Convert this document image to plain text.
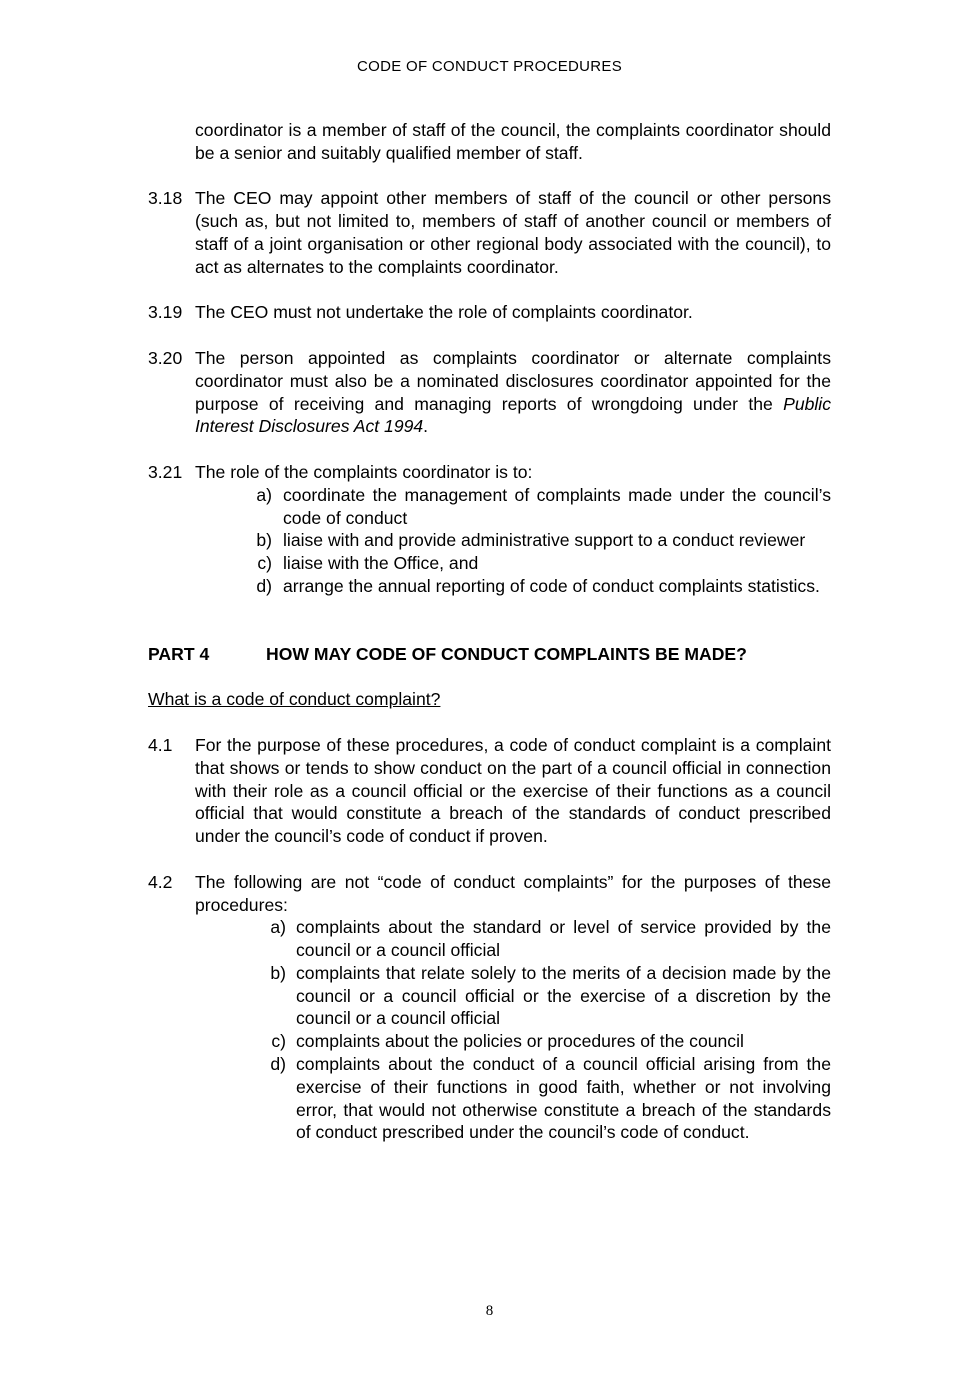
CODE OF CONDUCT PROCEDURES
coordinator is a member of staff of the council, the complaints coordinator should be a senior and suitably qualified member of staff.
3.18 The CEO may appoint other members of staff of the council or other persons (such as, but not limited to, members of staff of another council or members of staff of a joint organisation or other regional body associated with the council), to act as alternates to the complaints coordinator.
3.19 The CEO must not undertake the role of complaints coordinator.
3.20 The person appointed as complaints coordinator or alternate complaints coordinator must also be a nominated disclosures coordinator appointed for the purpose of receiving and managing reports of wrongdoing under the Public Interest Disclosures Act 1994.
3.21 The role of the complaints coordinator is to:
a) coordinate the management of complaints made under the council’s code of conduct
b) liaise with and provide administrative support to a conduct reviewer
c) liaise with the Office, and
d) arrange the annual reporting of code of conduct complaints statistics.
PART 4	HOW MAY CODE OF CONDUCT COMPLAINTS BE MADE?
What is a code of conduct complaint?
4.1 For the purpose of these procedures, a code of conduct complaint is a complaint that shows or tends to show conduct on the part of a council official in connection with their role as a council official or the exercise of their functions as a council official that would constitute a breach of the standards of conduct prescribed under the council’s code of conduct if proven.
4.2 The following are not “code of conduct complaints” for the purposes of these procedures:
a) complaints about the standard or level of service provided by the council or a council official
b) complaints that relate solely to the merits of a decision made by the council or a council official or the exercise of a discretion by the council or a council official
c) complaints about the policies or procedures of the council
d) complaints about the conduct of a council official arising from the exercise of their functions in good faith, whether or not involving error, that would not otherwise constitute a breach of the standards of conduct prescribed under the council’s code of conduct.
8
